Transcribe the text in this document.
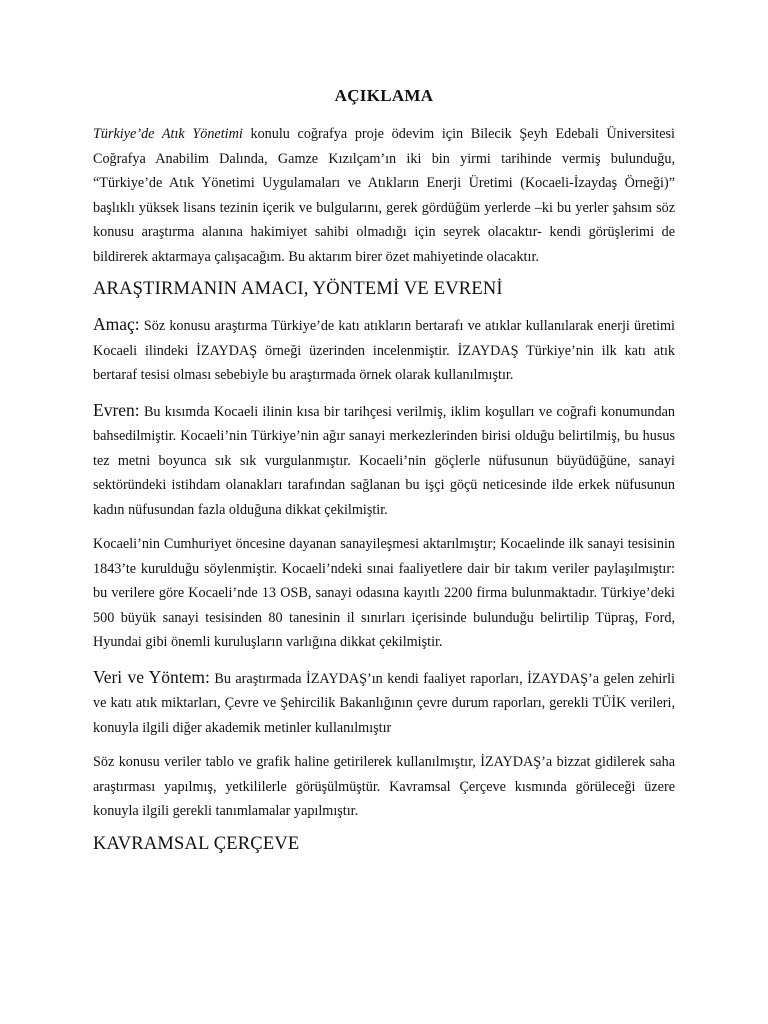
AÇIKLAMA

Türkiye’de Atık Yönetimi konulu coğrafya proje ödevim için Bilecik Şeyh Edebali Üniversitesi Coğrafya Anabilim Dalında, Gamze Kızılçam’ın iki bin yirmi tarihinde vermiş bulunduğu, “Türkiye’de Atık Yönetimi Uygulamaları ve Atıkların Enerji Üretimi (Kocaeli-İzaydaş Örneği)” başlıklı yüksek lisans tezinin içerik ve bulgularını, gerek gördüğüm yerlerde –ki bu yerler şahsım söz konusu araştırma alanına hakimiyet sahibi olmadığı için seyrek olacaktır- kendi görüşlerimi de bildirerek aktarmaya çalışacağım. Bu aktarım birer özet mahiyetinde olacaktır.

ARAŞTIRMANIN AMACI, YÖNTEMİ VE EVRENİ

Amaç: Söz konusu araştırma Türkiye’de katı atıkların bertarafı ve atıklar kullanılarak enerji üretimi Kocaeli ilindeki İZAYDAŞ örneği üzerinden incelenmiştir. İZAYDAŞ Türkiye’nin ilk katı atık bertaraf tesisi olması sebebiyle bu araştırmada örnek olarak kullanılmıştır.

Evren: Bu kısımda Kocaeli ilinin kısa bir tarihçesi verilmiş, iklim koşulları ve coğrafi konumundan bahsedilmiştir. Kocaeli’nin Türkiye’nin ağır sanayi merkezlerinden birisi olduğu belirtilmiş, bu husus tez metni boyunca sık sık vurgulanmıştır. Kocaeli’nin göçlerle nüfusunun büyüdüğüne, sanayi sektöründeki istihdam olanakları tarafından sağlanan bu işçi göçü neticesinde ilde erkek nüfusunun kadın nüfusundan fazla olduğuna dikkat çekilmiştir.

Kocaeli’nin Cumhuriyet öncesine dayanan sanayileşmesi aktarılmıştır; Kocaelinde ilk sanayi tesisinin 1843’te kurulduğu söylenmiştir. Kocaeli’ndeki sınai faaliyetlere dair bir takım veriler paylaşılmıştır: bu verilere göre Kocaeli’nde 13 OSB, sanayi odasına kayıtlı 2200 firma bulunmaktadır. Türkiye’deki 500 büyük sanayi tesisinden 80 tanesinin il sınırları içerisinde bulunduğu belirtilip Tüpraş, Ford, Hyundai gibi önemli kuruluşların varlığına dikkat çekilmiştir.

Veri ve Yöntem: Bu araştırmada İZAYDAŞ’ın kendi faaliyet raporları, İZAYDAŞ’a gelen zehirli ve katı atık miktarları, Çevre ve Şehircilik Bakanlığının çevre durum raporları, gerekli TÜİK verileri, konuyla ilgili diğer akademik metinler kullanılmıştır

Söz konusu veriler tablo ve grafik haline getirilerek kullanılmıştır, İZAYDAŞ’a bizzat gidilerek saha araştırması yapılmış, yetkililerle görüşülmüştür. Kavramsal Çerçeve kısmında görüleceği üzere konuyla ilgili gerekli tanımlamalar yapılmıştır.

KAVRAMSAL ÇERÇEVE
